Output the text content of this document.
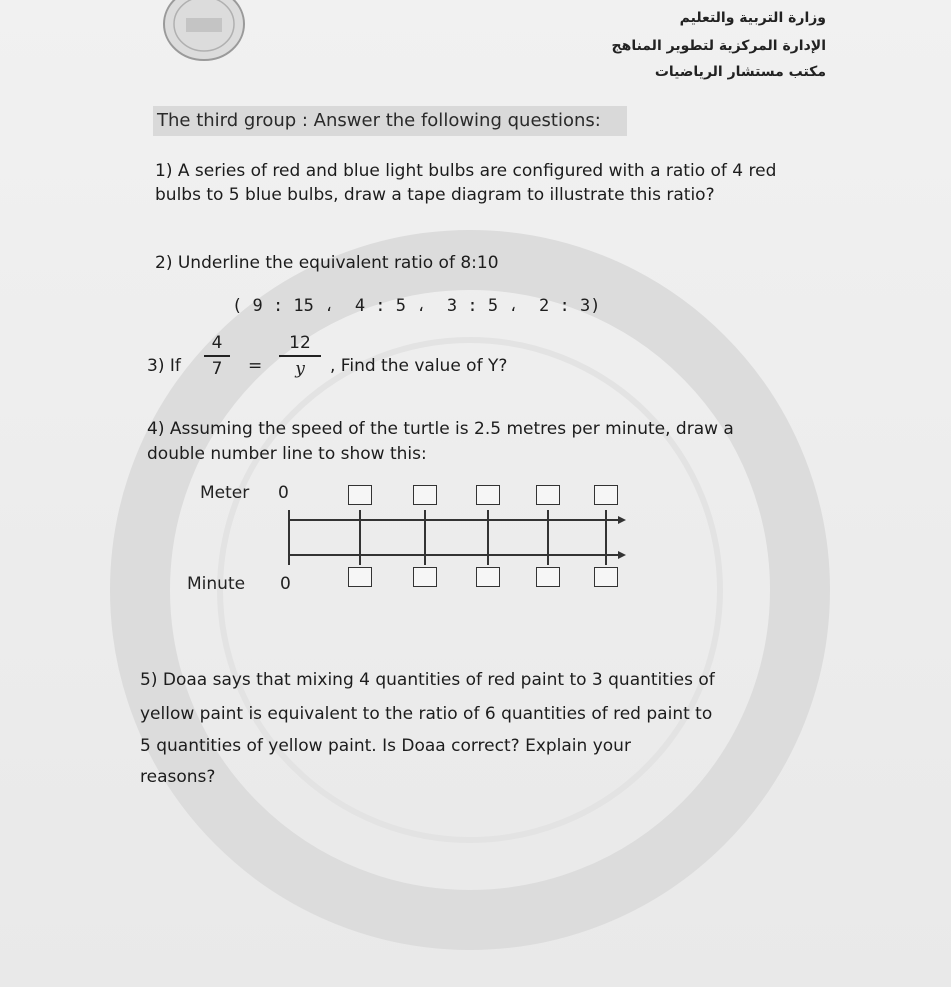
وزارة التربية والتعليم
الإدارة المركزية لتطوير المناهج
مكتب مستشار الرياضيات
The third group : Answer the following questions:
1) A series of red and blue light bulbs are configured with a ratio of 4 red
bulbs to 5 blue bulbs, draw a tape diagram to illustrate this ratio?
2) Underline the equivalent ratio of 8:10
( 9 : 15 ،  4 : 5 ،  3 : 5 ،  2 : 3)
3) If
4
7	=
12
y	, Find the value of Y?
4) Assuming the speed of the turtle is 2.5 metres per minute, draw a
double number line to show this:
Meter 0
Minute 0
5) Doaa says that mixing 4 quantities of red paint to 3 quantities of
yellow paint is equivalent to the ratio of 6 quantities of red paint to
5 quantities of yellow paint. Is Doaa correct? Explain your
reasons?
